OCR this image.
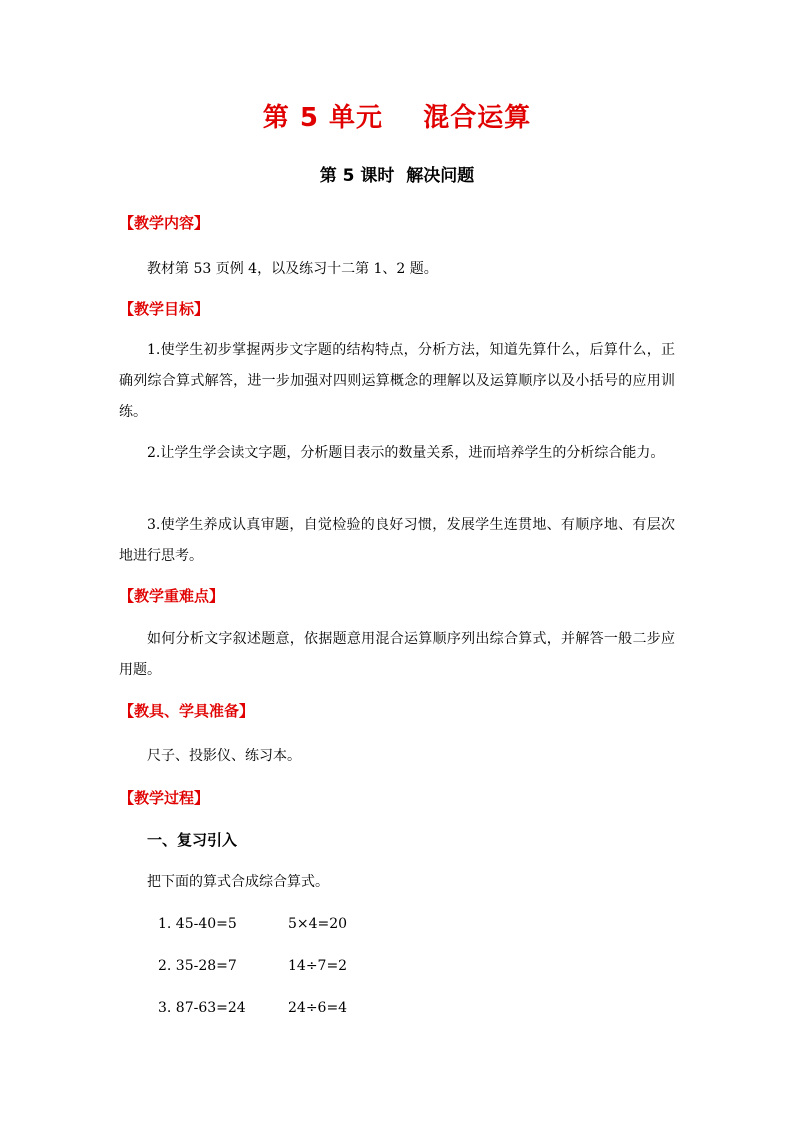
第 5 单元    混合运算
第 5 课时  解决问题
【教学内容】
教材第 53 页例 4，以及练习十二第 1、2 题。
【教学目标】
1.使学生初步掌握两步文字题的结构特点，分析方法，知道先算什么，后算什么，正确列综合算式解答，进一步加强对四则运算概念的理解以及运算顺序以及小括号的应用训练。
2.让学生学会读文字题，分析题目表示的数量关系，进而培养学生的分析综合能力。
3.使学生养成认真审题，自觉检验的良好习惯，发展学生连贯地、有顺序地、有层次地进行思考。
【教学重难点】
如何分析文字叙述题意，依据题意用混合运算顺序列出综合算式，并解答一般二步应用题。
【教具、学具准备】
尺子、投影仪、练习本。
【教学过程】
一、复习引入
把下面的算式合成综合算式。
1. 45-40=5	5×4=20
2. 35-28=7	14÷7=2
3. 87-63=24	24÷6=4
